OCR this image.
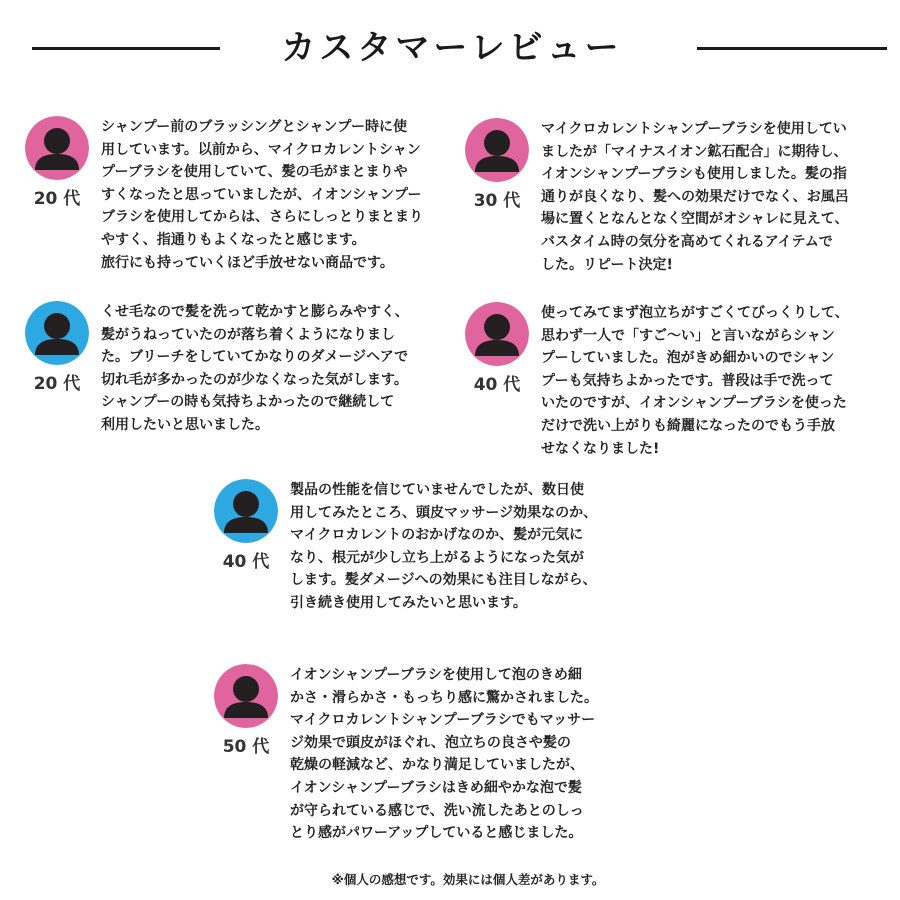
カスタマーレビュー
20 代

シャンプー前のブラッシングとシャンプー時に使
用しています。以前から、マイクロカレントシャン
プーブラシを使用していて、髪の毛がまとまりや
すくなったと思っていましたが、イオンシャンプー
ブラシを使用してからは、さらにしっとりまとまり
やすく、指通りもよくなったと感じます。
旅行にも持っていくほど手放せない商品です。

30 代

マイクロカレントシャンプーブラシを使用してい
ましたが「マイナスイオン鉱石配合」に期待し、
イオンシャンプーブラシも使用しました。髪の指
通りが良くなり、髪への効果だけでなく、お風呂
場に置くとなんとなく空間がオシャレに見えて、
バスタイム時の気分を高めてくれるアイテムで
した。リピート決定!

20 代

くせ毛なので髪を洗って乾かすと膨らみやすく、
髪がうねっていたのが落ち着くようになりまし
た。ブリーチをしていてかなりのダメージヘアで
切れ毛が多かったのが少なくなった気がします。
シャンプーの時も気持ちよかったので継続して
利用したいと思いました。

40 代

使ってみてまず泡立ちがすごくてびっくりして、
思わず一人で「すご～い」と言いながらシャン
プーしていました。泡がきめ細かいのでシャン
プーも気持ちよかったです。普段は手で洗って
いたのですが、イオンシャンプーブラシを使った
だけで洗い上がりも綺麗になったのでもう手放
せなくなりました!

40 代

製品の性能を信じていませんでしたが、数日使
用してみたところ、頭皮マッサージ効果なのか、
マイクロカレントのおかげなのか、髪が元気に
なり、根元が少し立ち上がるようになった気が
します。髪ダメージへの効果にも注目しながら、
引き続き使用してみたいと思います。

50 代

イオンシャンプーブラシを使用して泡のきめ細
かさ・滑らかさ・もっちり感に驚かされました。
マイクロカレントシャンプーブラシでもマッサー
ジ効果で頭皮がほぐれ、泡立ちの良さや髪の
乾燥の軽減など、かなり満足していましたが、
イオンシャンプーブラシはきめ細やかな泡で髪
が守られている感じで、洗い流したあとのしっ
とり感がパワーアップしていると感じました。

※個人の感想です。効果には個人差があります。
